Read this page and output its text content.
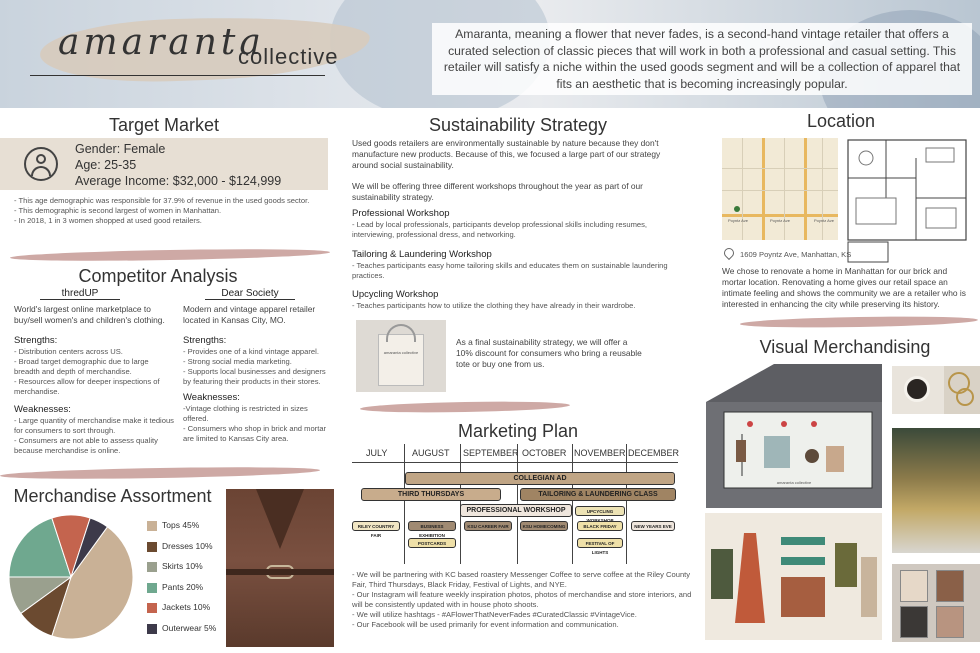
amaranta
collective
Amaranta, meaning a flower that never fades, is a second-hand vintage retailer that offers a curated selection of classic pieces that will work in both a professional and casual setting. This retailer will satisfy a niche within the used goods segment and will be a collection of apparel that fits an aesthetic that is becoming increasingly popular.
Target Market
Gender: Female
Age: 25-35
Average Income: $32,000 - $124,999
- This age demographic was responsible for 37.9% of revenue in the used goods sector.
- This demographic is second largest of women in Manhattan.
- In 2018, 1 in 3 women shopped at used good retailers.
Competitor Analysis
thredUP	Dear Society
World's largest online marketplace to buy/sell women's and children's clothing.
Modern and vintage apparel retailer located in Kansas City, MO.
Strengths:
- Distribution centers across US.
- Broad target demographic due to large breadth and depth of merchandise.
- Resources allow for deeper inspections of merchandise.
Weaknesses:
- Large quantity of merchandise make it tedious for consumers to sort through.
- Consumers are not able to assess quality because merchandise is online.
Strengths:
- Provides one of a kind vintage apparel.
- Strong social media marketing.
- Supports local businesses and designers by featuring their products in their stores.
Weaknesses:
-Vintage clothing is restricted in sizes offered.
- Consumers who shop in brick and mortar are limited to Kansas City area.
Merchandise Assortment
Tops 45%
Dresses 10%
Skirts 10%
Pants 20%
Jackets 10%
Outerwear 5%
Sustainability Strategy
Used goods retailers are environmentally sustainable by nature because they don't manufacture new products. Because of this, we focused a large part of our strategy around social sustainability.
We will be offering three different workshops throughout the year as part of our sustainability strategy.
Professional Workshop
- Lead by local professionals, participants develop professional skills including resumes, interviewing, professional dress, and networking.
Tailoring & Laundering Workshop
- Teaches participants easy home tailoring skills and educates them on sustainable laundering practices.
Upcycling Workshop
- Teaches participants how to utilize the clothing they have already in their wardrobe.
amaranta collective
As a final sustainability strategy, we will offer a 10% discount for consumers who bring a reusable tote or buy one from us.
Marketing Plan
JULY	AUGUST SEPTEMBER OCTOBER NOVEMBER DECEMBER
COLLEGIAN AD
THIRD THURSDAYS	TAILORING & LAUNDERING CLASS
PROFESSIONAL WORKSHOP	UPCYCLING
RILEY COUNTRY FAIR
BUSINESS EXHIBITION
KSU CAREER FAIR	KSU HOMECOMING	BLACK FRIDAY	NEW YEARS EVE
POSTCARDS	FESTIVAL OF LIGHTS
- We will be partnering with KC based roastery Messenger Coffee to serve coffee at the Riley County Fair, Third Thursdays, Black Friday, Festival of Lights, and NYE.
- Our Instagram will feature weekly inspiration photos, photos of merchandise and store interiors, and will be consistently updated with in house photo shoots.
- We will utilize hashtags - #AFlowerThatNeverFades #CuratedClassic #VintageVice.
- Our Facebook will be used primarily for event information and communication.
Location
Poyntz Ave	Poyntz Ave	Poyntz Ave
1609 Poyntz Ave, Manhattan, KS
We chose to renovate a home in Manhattan for our brick and mortar location. Renovating a home gives our retail space an intimate feeling and shows the community we are a retailer who is interested in enhancing the city while preserving its history.
Visual Merchandising
amaranta collective
